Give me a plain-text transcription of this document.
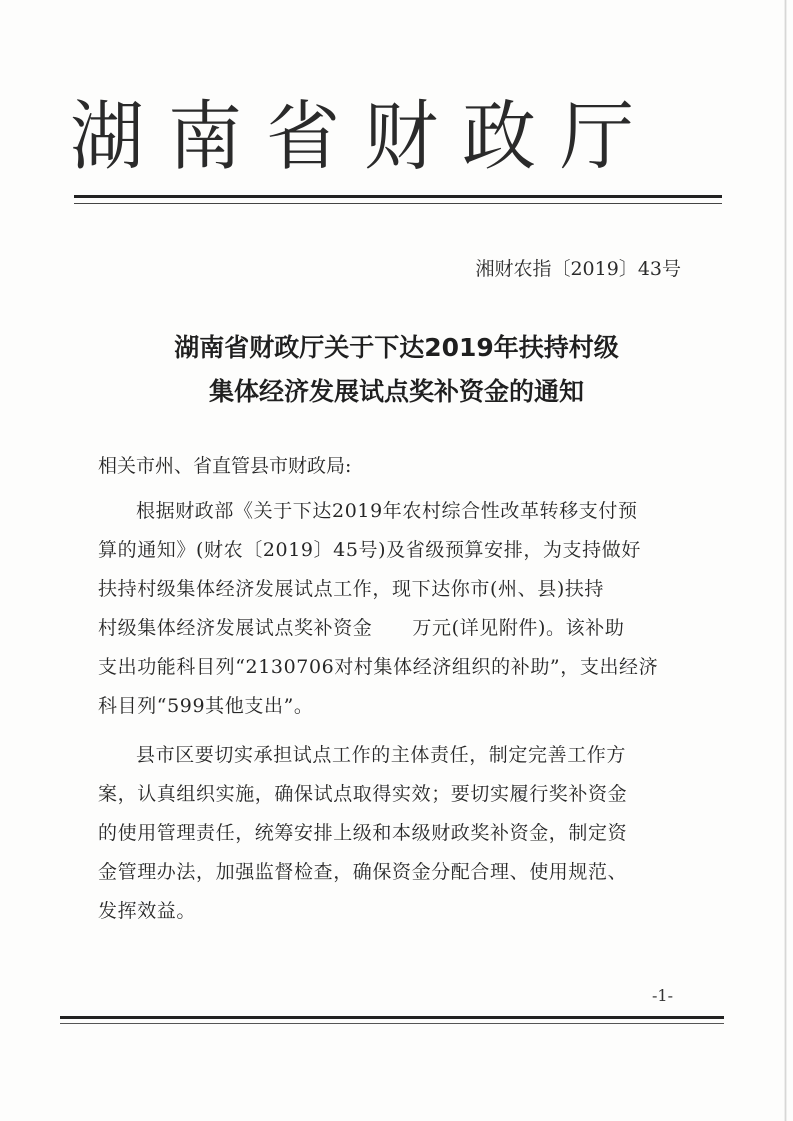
湖南省财政厅
湘财农指〔2019〕43号
湖南省财政厅关于下达2019年扶持村级
集体经济发展试点奖补资金的通知
相关市州、省直管县市财政局:
根据财政部《关于下达2019年农村综合性改革转移支付预
算的通知》(财农〔2019〕45号)及省级预算安排，为支持做好
扶持村级集体经济发展试点工作，现下达你市(州、县)扶持
村级集体经济发展试点奖补资金 万元(详见附件)。该补助
支出功能科目列“2130706对村集体经济组织的补助”，支出经济
科目列“599其他支出”。
县市区要切实承担试点工作的主体责任，制定完善工作方
案，认真组织实施，确保试点取得实效；要切实履行奖补资金
的使用管理责任，统筹安排上级和本级财政奖补资金，制定资
金管理办法，加强监督检查，确保资金分配合理、使用规范、
发挥效益。
-1-
